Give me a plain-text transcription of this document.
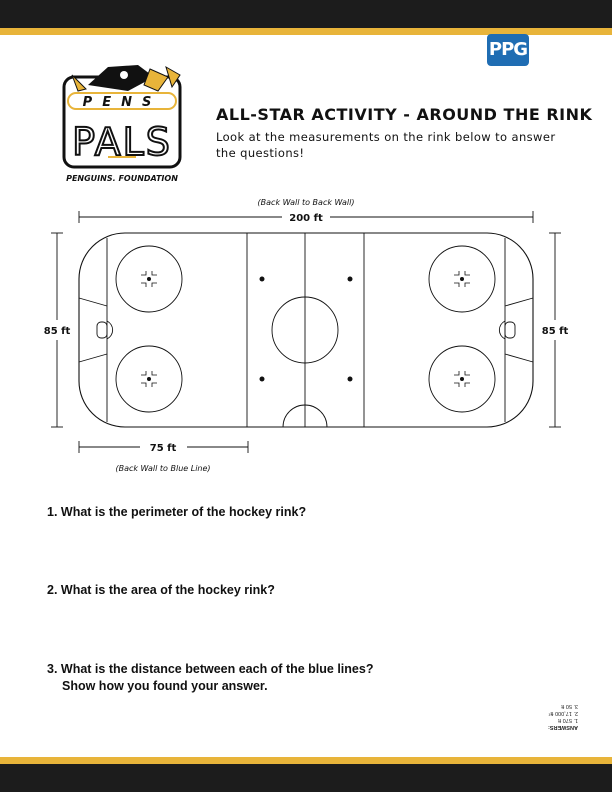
PPG
PENS
PALS
PENGUINS. FOUNDATION
ALL-STAR ACTIVITY - AROUND THE RINK
Look at the measurements on the rink below to answer the questions!
(Back Wall to Back Wall)
200 ft
85 ft	85 ft
75 ft
(Back Wall to Blue Line)
1. What is the perimeter of the hockey rink?
2. What is the area of the hockey rink?
3. What is the distance between each of the blue lines?
Show how you found your answer.
ANSWERS:
1. 570 ft
2. 17,000 ft²
3. 50 ft
